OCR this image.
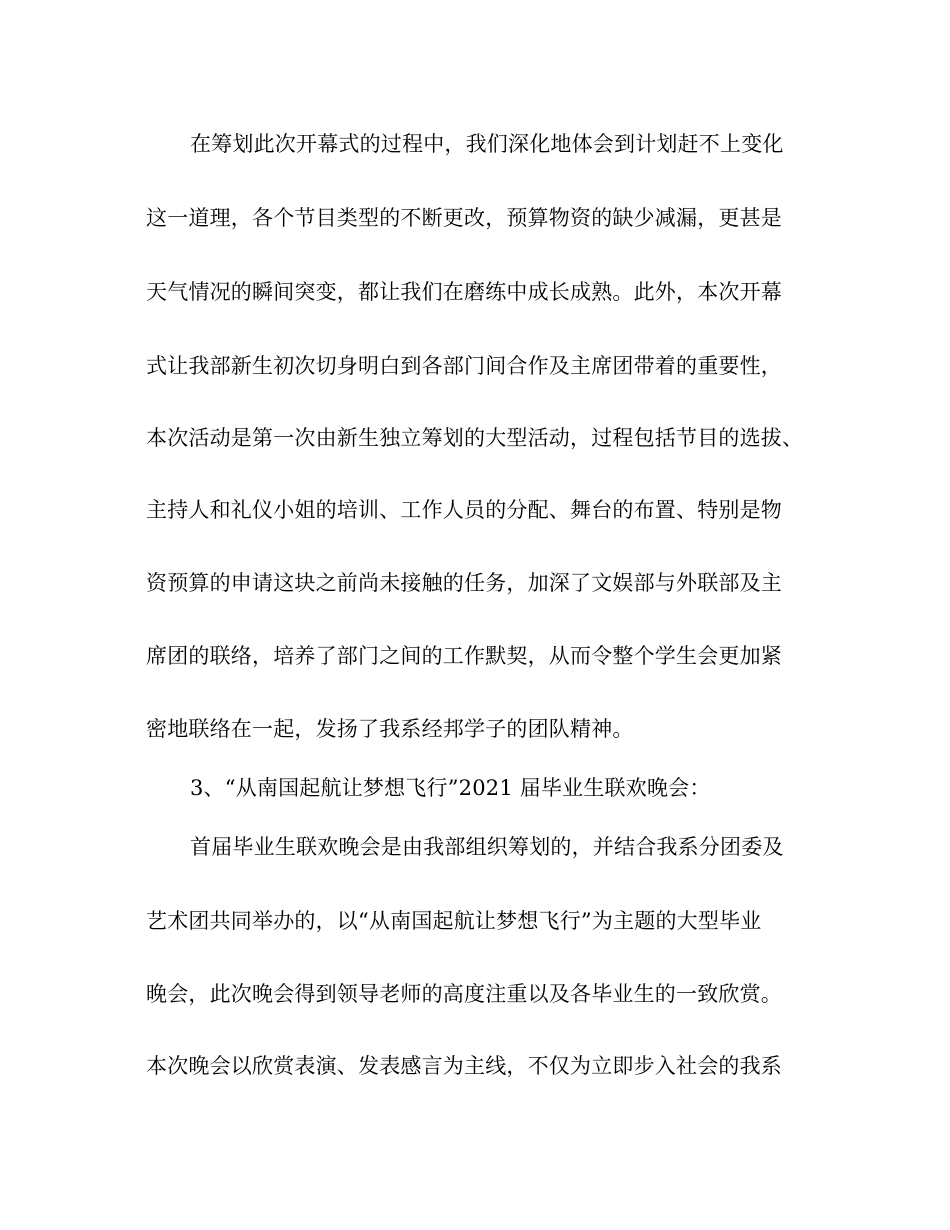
在筹划此次开幕式的过程中，我们深化地体会到计划赶不上变化
这一道理，各个节目类型的不断更改，预算物资的缺少减漏，更甚是
天气情况的瞬间突变，都让我们在磨练中成长成熟。此外，本次开幕
式让我部新生初次切身明白到各部门间合作及主席团带着的重要性，
本次活动是第一次由新生独立筹划的大型活动，过程包括节目的选拔、
主持人和礼仪小姐的培训、工作人员的分配、舞台的布置、特别是物
资预算的申请这块之前尚未接触的任务，加深了文娱部与外联部及主
席团的联络，培养了部门之间的工作默契，从而令整个学生会更加紧
密地联络在一起，发扬了我系经邦学子的团队精神。
3、“从南国起航让梦想飞行”2021 届毕业生联欢晚会：
首届毕业生联欢晚会是由我部组织筹划的，并结合我系分团委及
艺术团共同举办的，以“从南国起航让梦想飞行”为主题的大型毕业
晚会，此次晚会得到领导老师的高度注重以及各毕业生的一致欣赏。
本次晚会以欣赏表演、发表感言为主线，不仅为立即步入社会的我系
